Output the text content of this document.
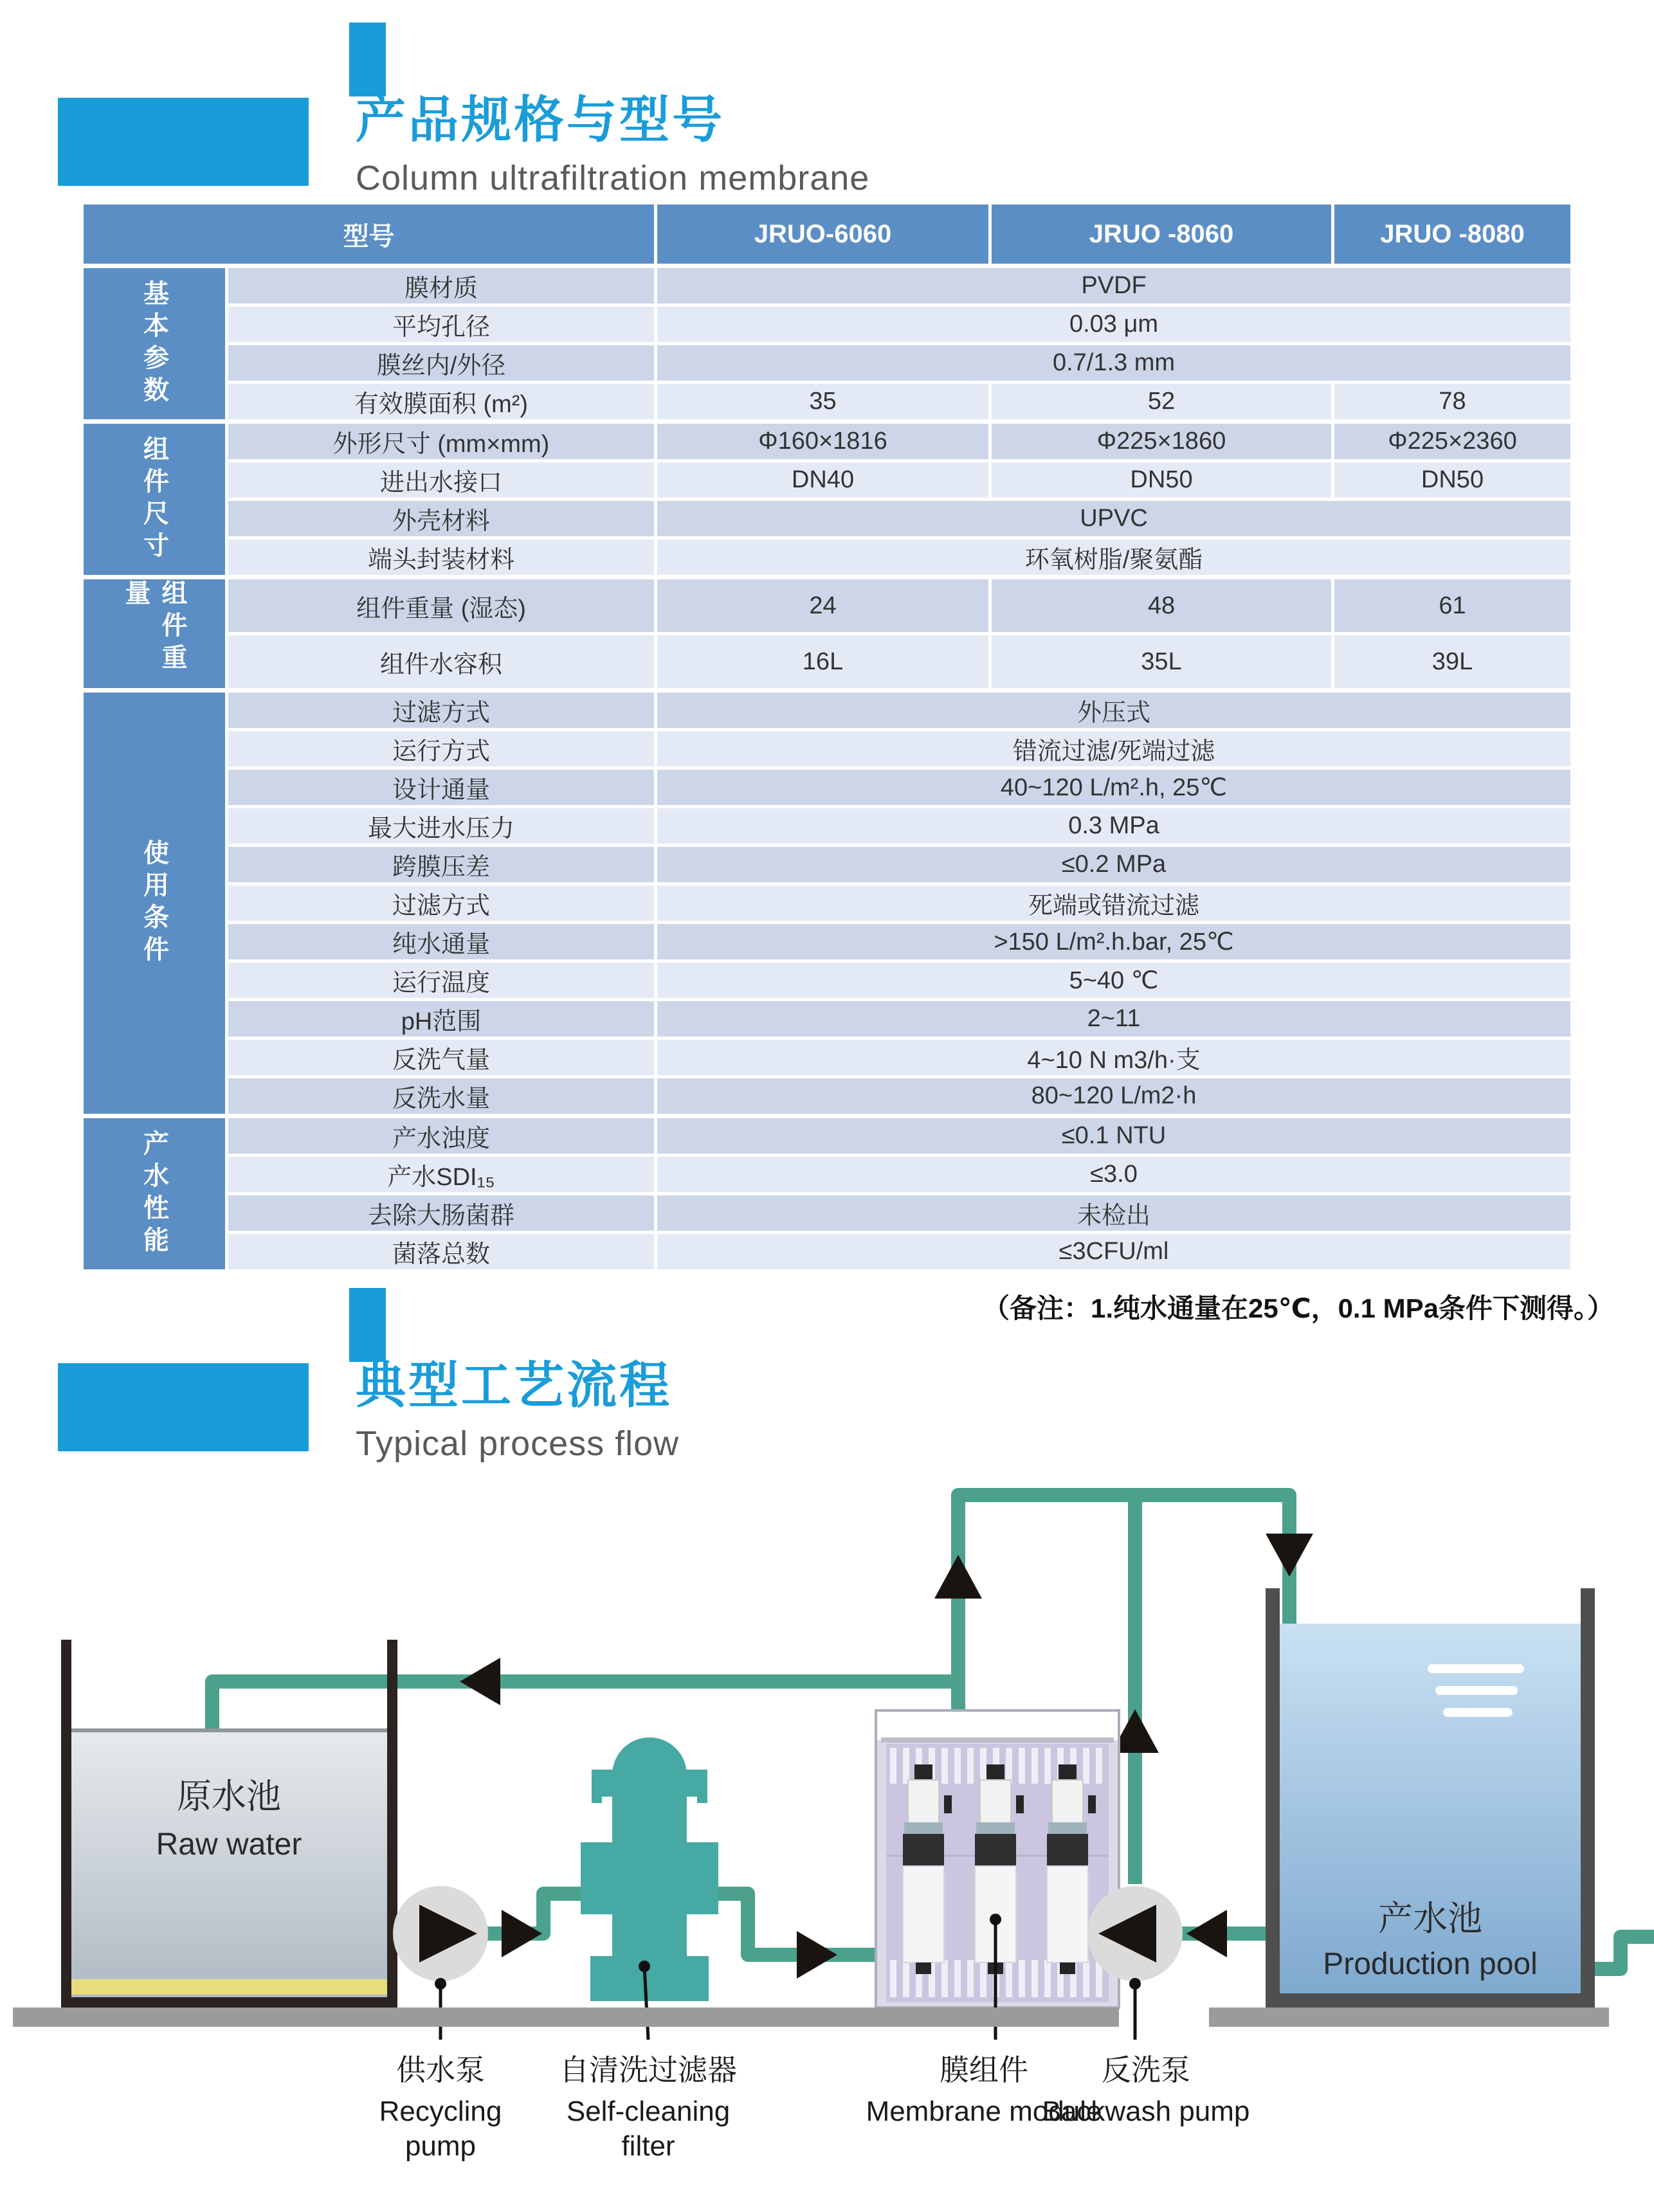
产品规格与型号
Column ultrafiltration membrane
型号	JRUO-6060	JRUO -8060	JRUO -8080
基本参数	膜材质	PVDF
平均孔径	0.03 μm
膜丝内/外径	0.7/1.3 mm
有效膜面积 (m²)	35	52	78
组件尺寸	外形尺寸 (mm×mm)	Φ160×1816	Φ225×1860	Φ225×2360
进出水接口	DN40	DN50	DN50
外壳材料	UPVC
端头封装材料	环氧树脂/聚氨酯
组件重量	组件重量 (湿态)	24	48	61
组件水容积	16L	35L	39L
使用条件
过滤方式	外压式
运行方式	错流过滤/死端过滤
设计通量	40~120 L/m².h, 25℃
最大进水压力	0.3 MPa
跨膜压差	≤0.2 MPa
过滤方式	死端或错流过滤
纯水通量	>150 L/m².h.bar, 25℃
运行温度	5~40 ℃
pH范围	2~11
反洗气量	4~10 N m3/h·支
反洗水量	80~120 L/m2·h
产水性能	产水浊度	≤0.1 NTU
产水SDI₁₅	≤3.0
去除大肠菌群	未检出
菌落总数	≤3CFU/ml
（备注：1.纯水通量在25℃，0.1 MPa条件下测得。）
典型工艺流程
Typical process flow
原水池
Raw water
产水池
Production pool
供水泵
Recycling
pump
自清洗过滤器
Self-cleaning
filter
膜组件
Membrane module
反洗泵
Backwash pump
